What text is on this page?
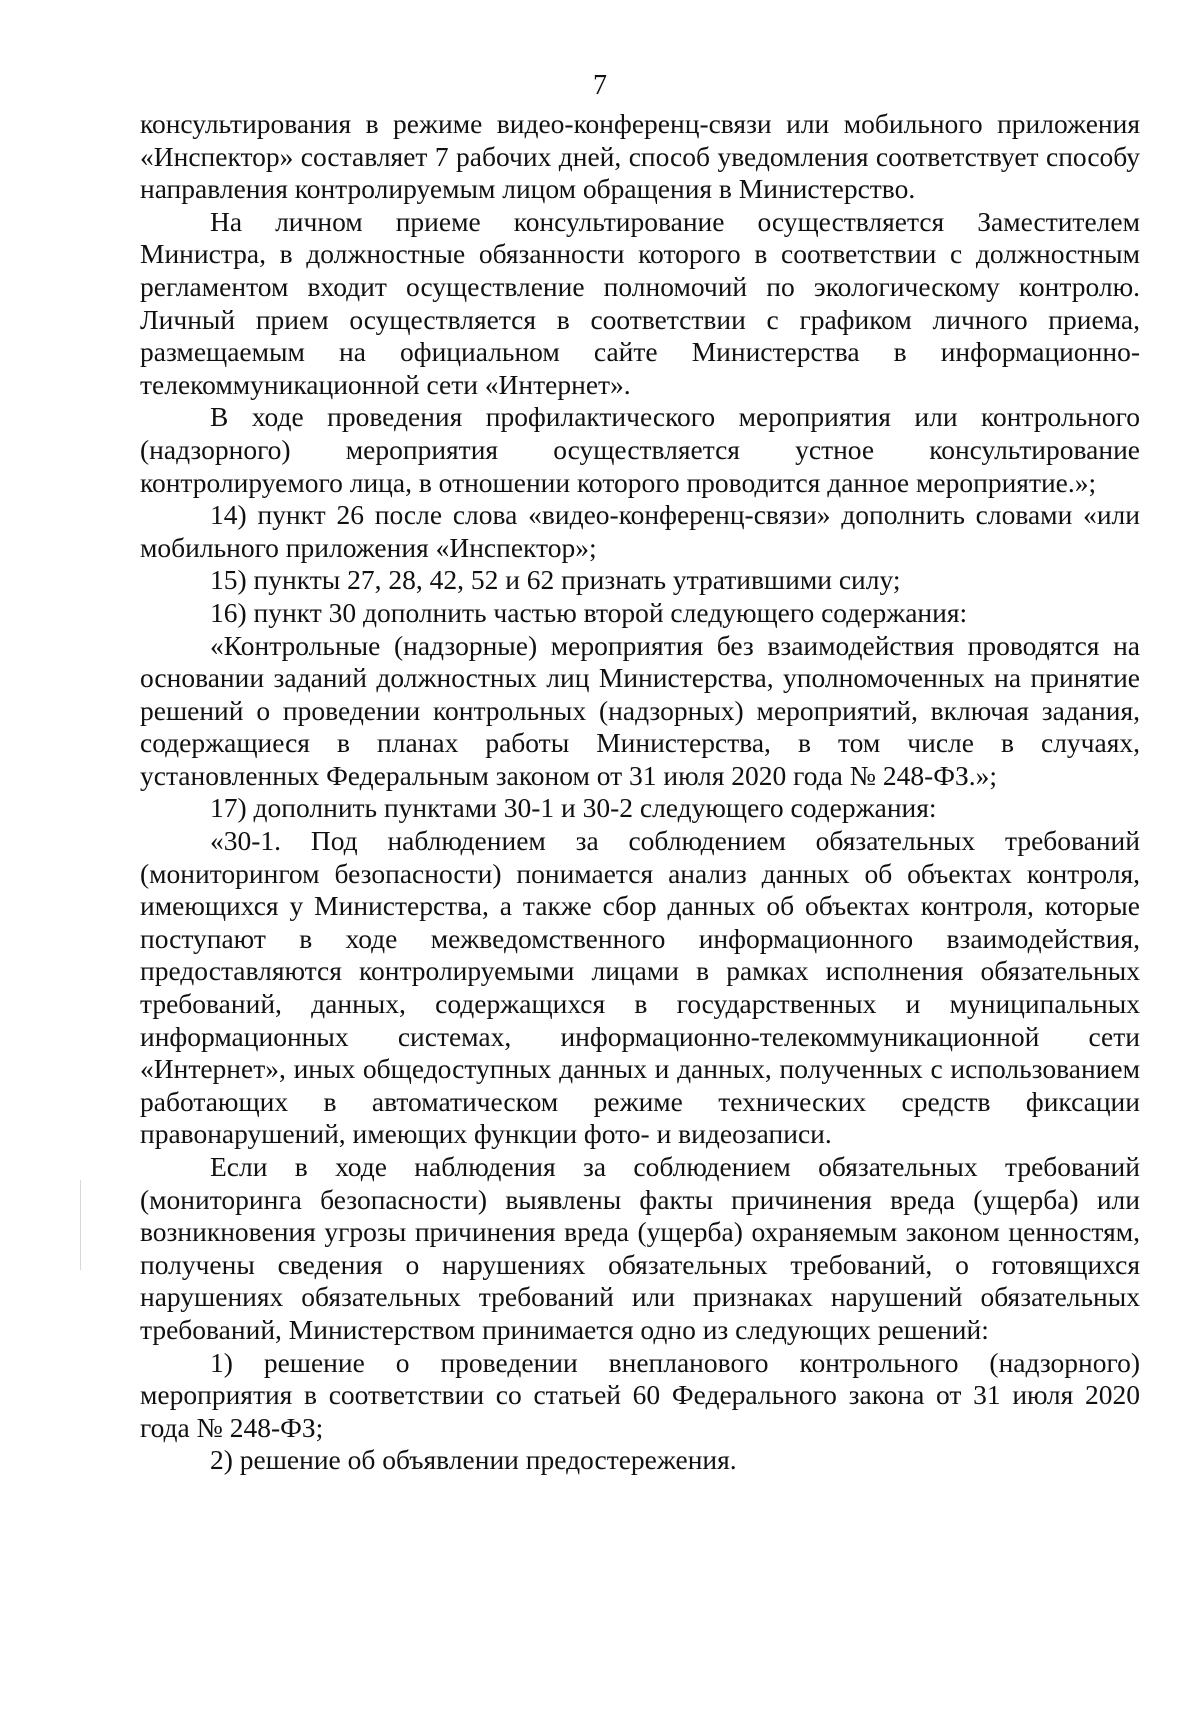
7

консультирования в режиме видео-конференц-связи или мобильного приложения «Инспектор» составляет 7 рабочих дней, способ уведомления соответствует способу направления контролируемым лицом обращения в Министерство.

На личном приеме консультирование осуществляется Заместителем Министра, в должностные обязанности которого в соответствии с должностным регламентом входит осуществление полномочий по экологическому контролю. Личный прием осуществляется в соответствии с графиком личного приема, размещаемым на официальном сайте Министерства в информационно-телекоммуникационной сети «Интернет».

В ходе проведения профилактического мероприятия или контрольного (надзорного) мероприятия осуществляется устное консультирование контролируемого лица, в отношении которого проводится данное мероприятие.»;

14) пункт 26 после слова «видео-конференц-связи» дополнить словами «или мобильного приложения «Инспектор»;

15) пункты 27, 28, 42, 52 и 62 признать утратившими силу;

16) пункт 30 дополнить частью второй следующего содержания:

«Контрольные (надзорные) мероприятия без взаимодействия проводятся на основании заданий должностных лиц Министерства, уполномоченных на принятие решений о проведении контрольных (надзорных) мероприятий, включая задания, содержащиеся в планах работы Министерства, в том числе в случаях, установленных Федеральным законом от 31 июля 2020 года № 248-ФЗ.»;

17) дополнить пунктами 30-1 и 30-2 следующего содержания:

«30-1. Под наблюдением за соблюдением обязательных требований (мониторингом безопасности) понимается анализ данных об объектах контроля, имеющихся у Министерства, а также сбор данных об объектах контроля, которые поступают в ходе межведомственного информационного взаимодействия, предоставляются контролируемыми лицами в рамках исполнения обязательных требований, данных, содержащихся в государственных и муниципальных информационных системах, информационно-телекоммуникационной сети «Интернет», иных общедоступных данных и данных, полученных с использованием работающих в автоматическом режиме технических средств фиксации правонарушений, имеющих функции фото- и видеозаписи.

Если в ходе наблюдения за соблюдением обязательных требований (мониторинга безопасности) выявлены факты причинения вреда (ущерба) или возникновения угрозы причинения вреда (ущерба) охраняемым законом ценностям, получены сведения о нарушениях обязательных требований, о готовящихся нарушениях обязательных требований или признаках нарушений обязательных требований, Министерством принимается одно из следующих решений:

1) решение о проведении внепланового контрольного (надзорного) мероприятия в соответствии со статьей 60 Федерального закона от 31 июля 2020 года № 248-ФЗ;

2) решение об объявлении предостережения.
